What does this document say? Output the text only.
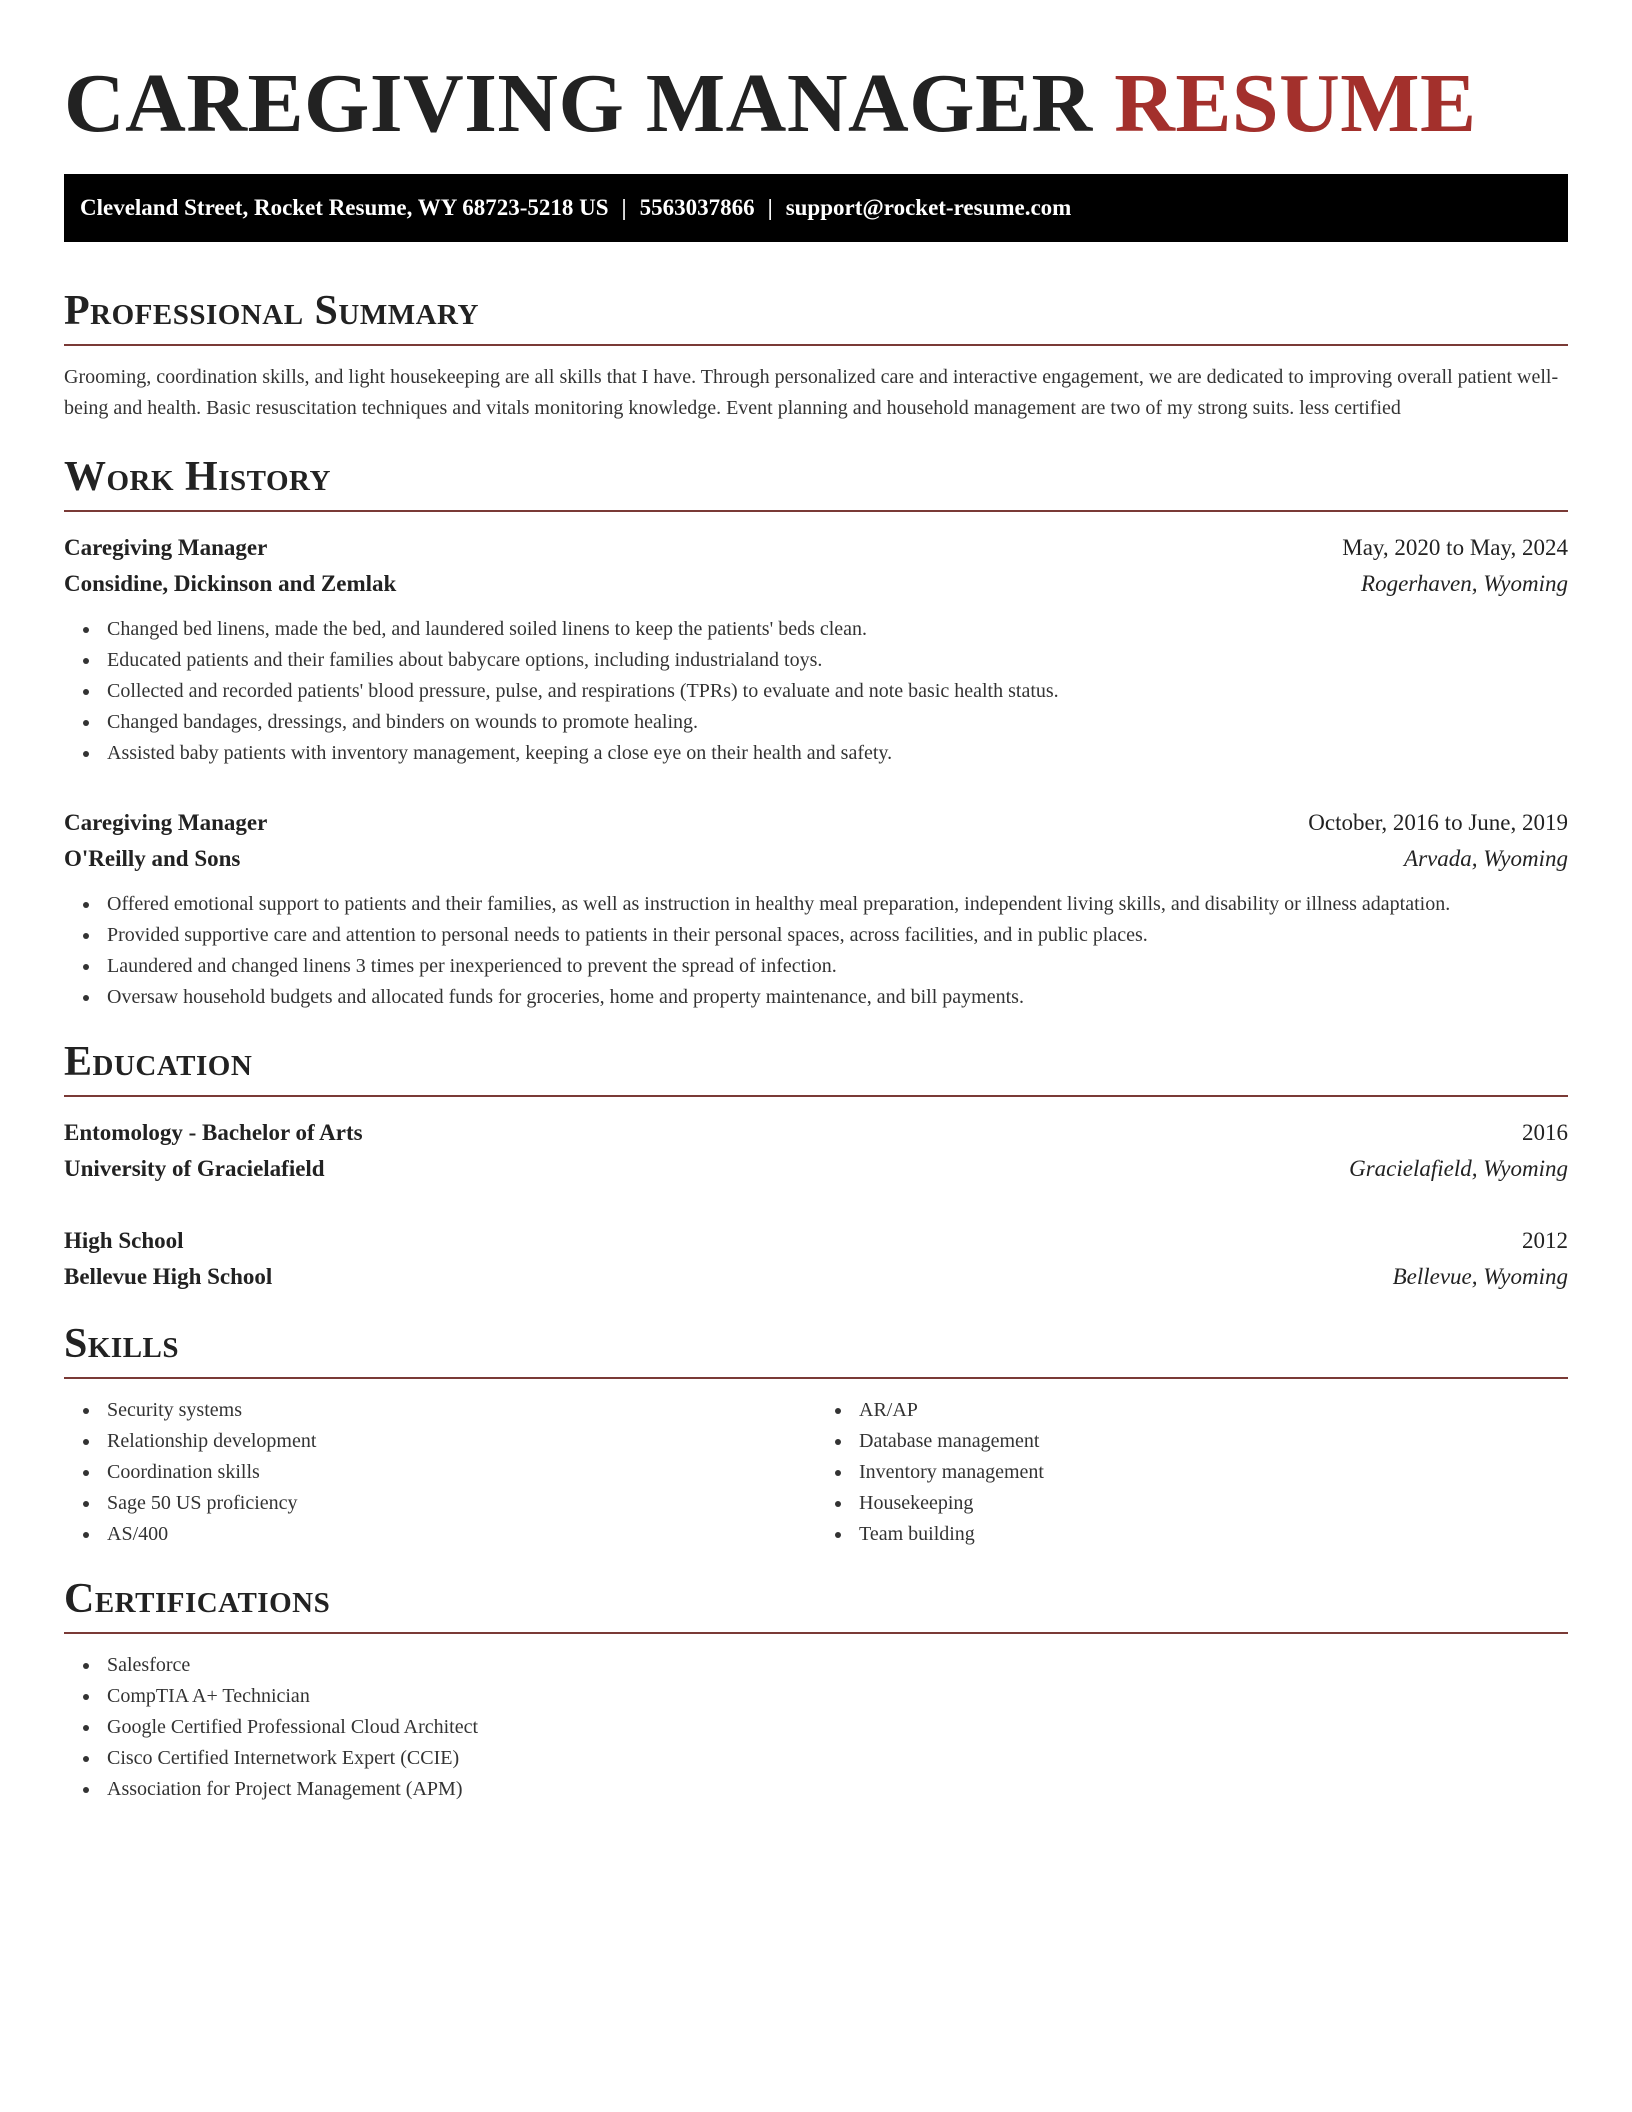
CAREGIVING MANAGER RESUME
Cleveland Street, Rocket Resume, WY 68723-5218 US | 5563037866 | support@rocket-resume.com
Professional Summary

Grooming, coordination skills, and light housekeeping are all skills that I have. Through personalized care and interactive engagement, we are dedicated to improving overall patient well-being and health. Basic resuscitation techniques and vitals monitoring knowledge. Event planning and household management are two of my strong suits. less certified

Work History
Caregiving Manager	May, 2020 to May, 2024
Considine, Dickinson and Zemlak	Rogerhaven, Wyoming
Changed bed linens, made the bed, and laundered soiled linens to keep the patients' beds clean.
Educated patients and their families about babycare options, including industrialand toys.
Collected and recorded patients' blood pressure, pulse, and respirations (TPRs) to evaluate and note basic health status.
Changed bandages, dressings, and binders on wounds to promote healing.
Assisted baby patients with inventory management, keeping a close eye on their health and safety.
Caregiving Manager	October, 2016 to June, 2019
O'Reilly and Sons	Arvada, Wyoming
Offered emotional support to patients and their families, as well as instruction in healthy meal preparation, independent living skills, and disability or illness adaptation.
Provided supportive care and attention to personal needs to patients in their personal spaces, across facilities, and in public places.
Laundered and changed linens 3 times per inexperienced to prevent the spread of infection.
Oversaw household budgets and allocated funds for groceries, home and property maintenance, and bill payments.
Education
Entomology - Bachelor of Arts	2016
University of Gracielafield	Gracielafield, Wyoming
High School	2012
Bellevue High School	Bellevue, Wyoming
Skills
Security systems
Relationship development
Coordination skills
Sage 50 US proficiency
AS/400
AR/AP
Database management
Inventory management
Housekeeping
Team building
Certifications
Salesforce
CompTIA A+ Technician
Google Certified Professional Cloud Architect
Cisco Certified Internetwork Expert (CCIE)
Association for Project Management (APM)
